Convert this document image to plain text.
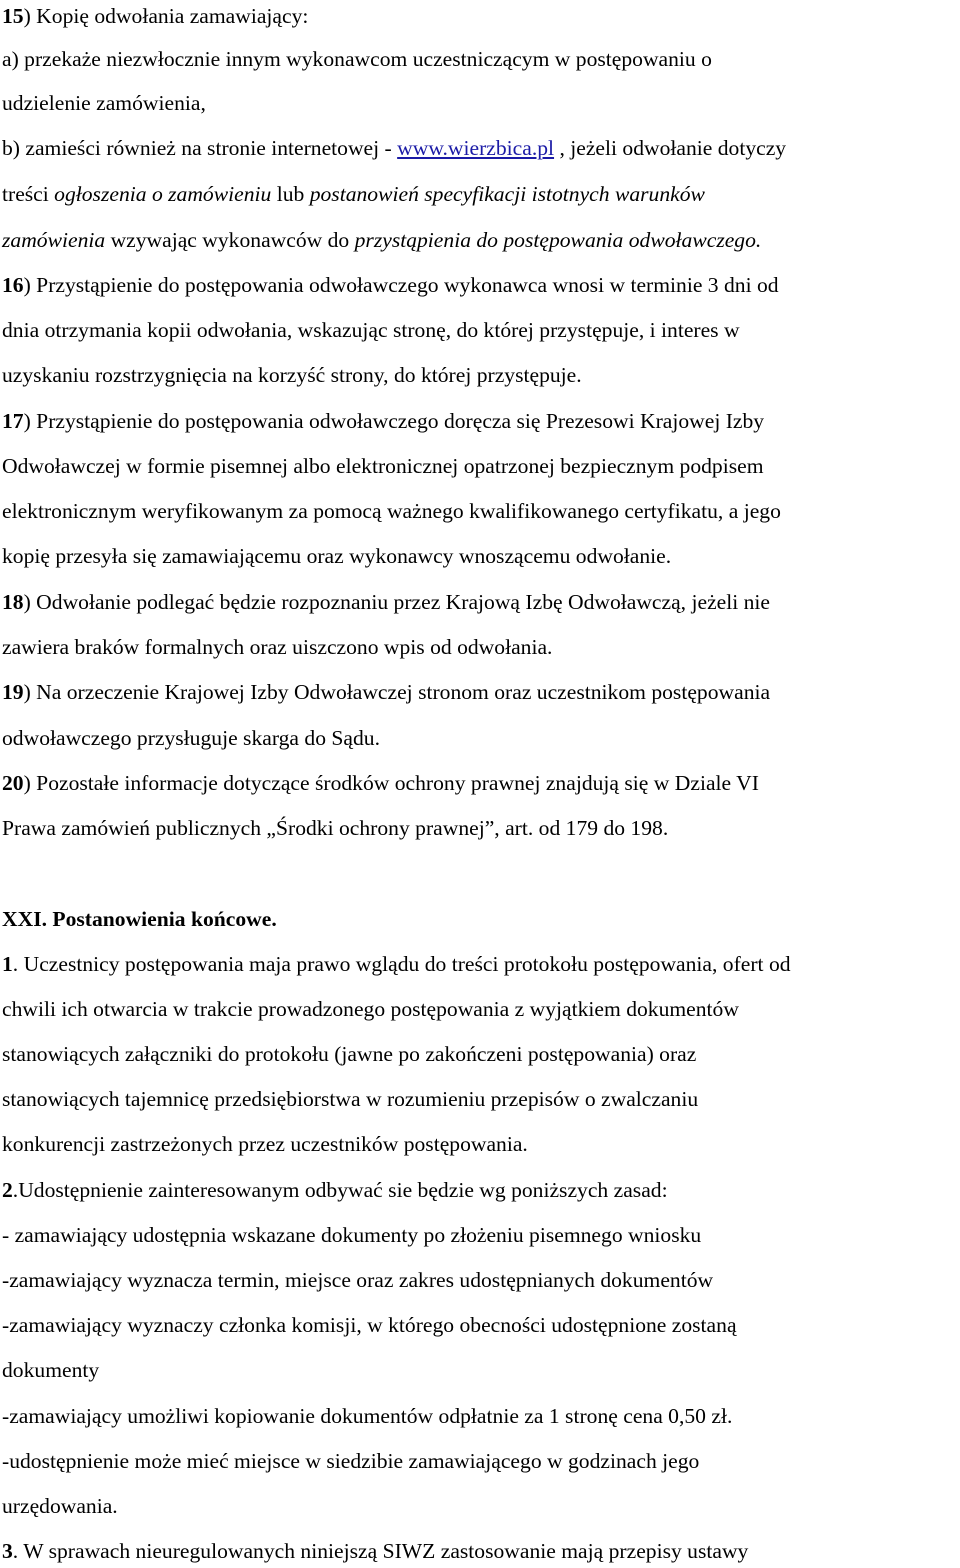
15) Kopię odwołania zamawiający:

a) przekaże niezwłocznie innym wykonawcom uczestniczącym w postępowaniu o

udzielenie zamówienia,

b) zamieści również na stronie internetowej - www.wierzbica.pl , jeżeli odwołanie dotyczy

treści ogłoszenia o zamówieniu lub postanowień specyfikacji istotnych warunków

zamówienia wzywając wykonawców do przystąpienia do postępowania odwoławczego.

16) Przystąpienie do postępowania odwoławczego wykonawca wnosi w terminie 3 dni od

dnia otrzymania kopii odwołania, wskazując stronę, do której przystępuje, i interes w

uzyskaniu rozstrzygnięcia na korzyść strony, do której przystępuje.

17) Przystąpienie do postępowania odwoławczego doręcza się Prezesowi Krajowej Izby

Odwoławczej w formie pisemnej albo elektronicznej opatrzonej bezpiecznym podpisem

elektronicznym weryfikowanym za pomocą ważnego kwalifikowanego certyfikatu, a jego

kopię przesyła się zamawiającemu oraz wykonawcy wnoszącemu odwołanie.

18) Odwołanie podlegać będzie rozpoznaniu przez Krajową Izbę Odwoławczą, jeżeli nie

zawiera braków formalnych oraz uiszczono wpis od odwołania.

19) Na orzeczenie Krajowej Izby Odwoławczej stronom oraz uczestnikom postępowania

odwoławczego przysługuje skarga do Sądu.

20) Pozostałe informacje dotyczące środków ochrony prawnej znajdują się w Dziale VI

Prawa zamówień publicznych „Środki ochrony prawnej”, art. od 179 do 198.

XXI. Postanowienia końcowe.

1. Uczestnicy postępowania maja prawo wglądu do treści protokołu postępowania, ofert od

chwili ich otwarcia w trakcie prowadzonego postępowania z wyjątkiem dokumentów

stanowiących załączniki do protokołu (jawne po zakończeni postępowania) oraz

stanowiących tajemnicę przedsiębiorstwa w rozumieniu przepisów o zwalczaniu

konkurencji zastrzeżonych przez uczestników postępowania.

2.Udostępnienie zainteresowanym odbywać sie będzie wg poniższych zasad:

- zamawiający udostępnia wskazane dokumenty po złożeniu pisemnego wniosku

-zamawiający wyznacza termin, miejsce oraz zakres udostępnianych dokumentów

-zamawiający wyznaczy członka komisji, w którego obecności udostępnione zostaną

dokumenty

-zamawiający umożliwi kopiowanie dokumentów odpłatnie za 1 stronę cena 0,50 zł.

-udostępnienie może mieć miejsce w siedzibie zamawiającego w godzinach jego

urzędowania.

3. W sprawach nieuregulowanych niniejszą SIWZ zastosowanie mają przepisy ustawy
